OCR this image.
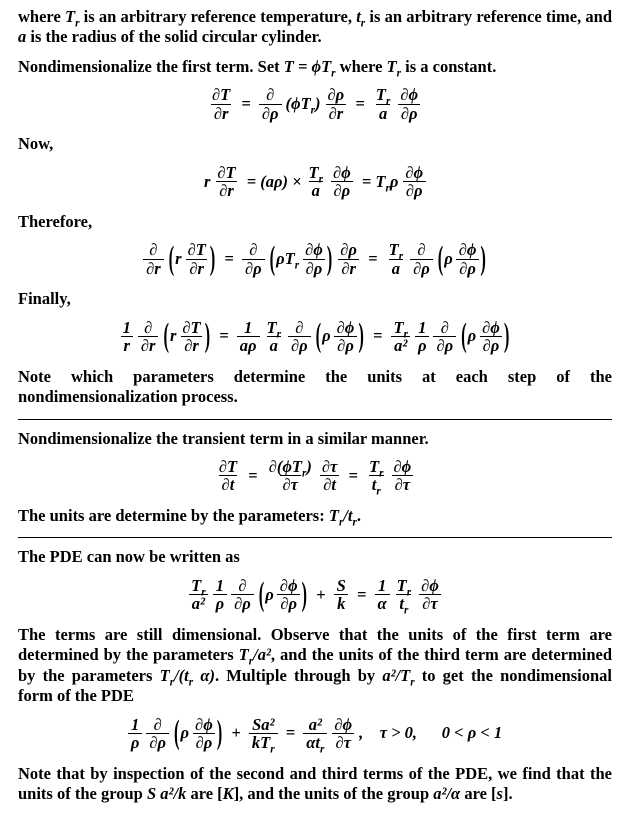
where $T_r$ is an arbitrary reference temperature, $t_r$ is an arbitrary reference time, and a is the radius of the solid circular cylinder.

Nondimensionalize the first term. Set $T = \phi T_r$ where $T_r$ is a constant.

$\frac{\partial T}{\partial r}$  =  $\frac{\partial}{\partial\rho} (\phi T_r) \frac{\partial\rho}{\partial r}$  =  $\frac{T_r}{a} \frac{\partial\phi}{\partial\rho}$

Now,

r $\frac{\partial T}{\partial r}$  = $(a\rho) \times \frac{T_r}{a} \frac{\partial\phi}{\partial\rho}$  = $T_r\rho \frac{\partial\phi}{\partial\rho}$

Therefore,

$\frac{\partial}{\partial r}$ ( r $\frac{\partial T}{\partial r}$ )  =  $\frac{\partial}{\partial\rho}$ ( $\rho T_r \frac{\partial\phi}{\partial\rho}$ ) $\frac{\partial\rho}{\partial r}$  =  $\frac{T_r}{a} \frac{\partial}{\partial\rho}$ ( ρ $\frac{\partial\phi}{\partial\rho}$ )

Finally,

$\frac{1}{r} \frac{\partial}{\partial r}$ ( r $\frac{\partial T}{\partial r}$ )  =  $\frac{1}{a\rho} \frac{T_r}{a} \frac{\partial}{\partial\rho}$ ( ρ $\frac{\partial\phi}{\partial\rho}$ )  =  $\frac{T_r}{\text{a²}} \frac{1}{\rho} \frac{\partial}{\partial\rho}$ ( ρ $\frac{\partial\phi}{\partial\rho}$ )

Note which parameters determine the units at each step of the nondimensionalization process.

Nondimensionalize the transient term in a similar manner.

$\frac{\partial T}{\partial t}$  =  $\frac{\partial(\phi T_r)}{\partial\tau} \frac{\partial\tau}{\partial t}$  =  $\frac{T_r}{t_r} \frac{\partial\phi}{\partial\tau}$

The units are determine by the parameters: $T_r/t_r$.

The PDE can now be written as

$\frac{T_r}{\text{a²}} \frac{1}{\rho} \frac{\partial}{\partial\rho}$ ( ρ $\frac{\partial\phi}{\partial\rho}$ )  +  $\frac{S}{k}$  =  $\frac{1}{\alpha} \frac{T_r}{t_r} \frac{\partial\phi}{\partial\tau}$

The terms are still dimensional. Observe that the units of the first term are determined by the parameters $T_r/a^2$, and the units of the third term are determined by the parameters $T_r/(t_r$ α). Multiple through by $a^2/T_r$ to get the nondimensional form of the PDE

$\frac{1}{\rho} \frac{\partial}{\partial\rho}$ ( ρ $\frac{\partial\phi}{\partial\rho}$ )  +  $\frac{\text{Sa²}}{kT_r}$  =  $\frac{\text{a²}}{\alpha t_r} \frac{\partial\phi}{\partial\tau}$ , τ > 0,  0 < ρ < 1

Note that by inspection of the second and third terms of the PDE, we find that the units of the group S a²/k are [K], and the units of the group a²/α are [s].
